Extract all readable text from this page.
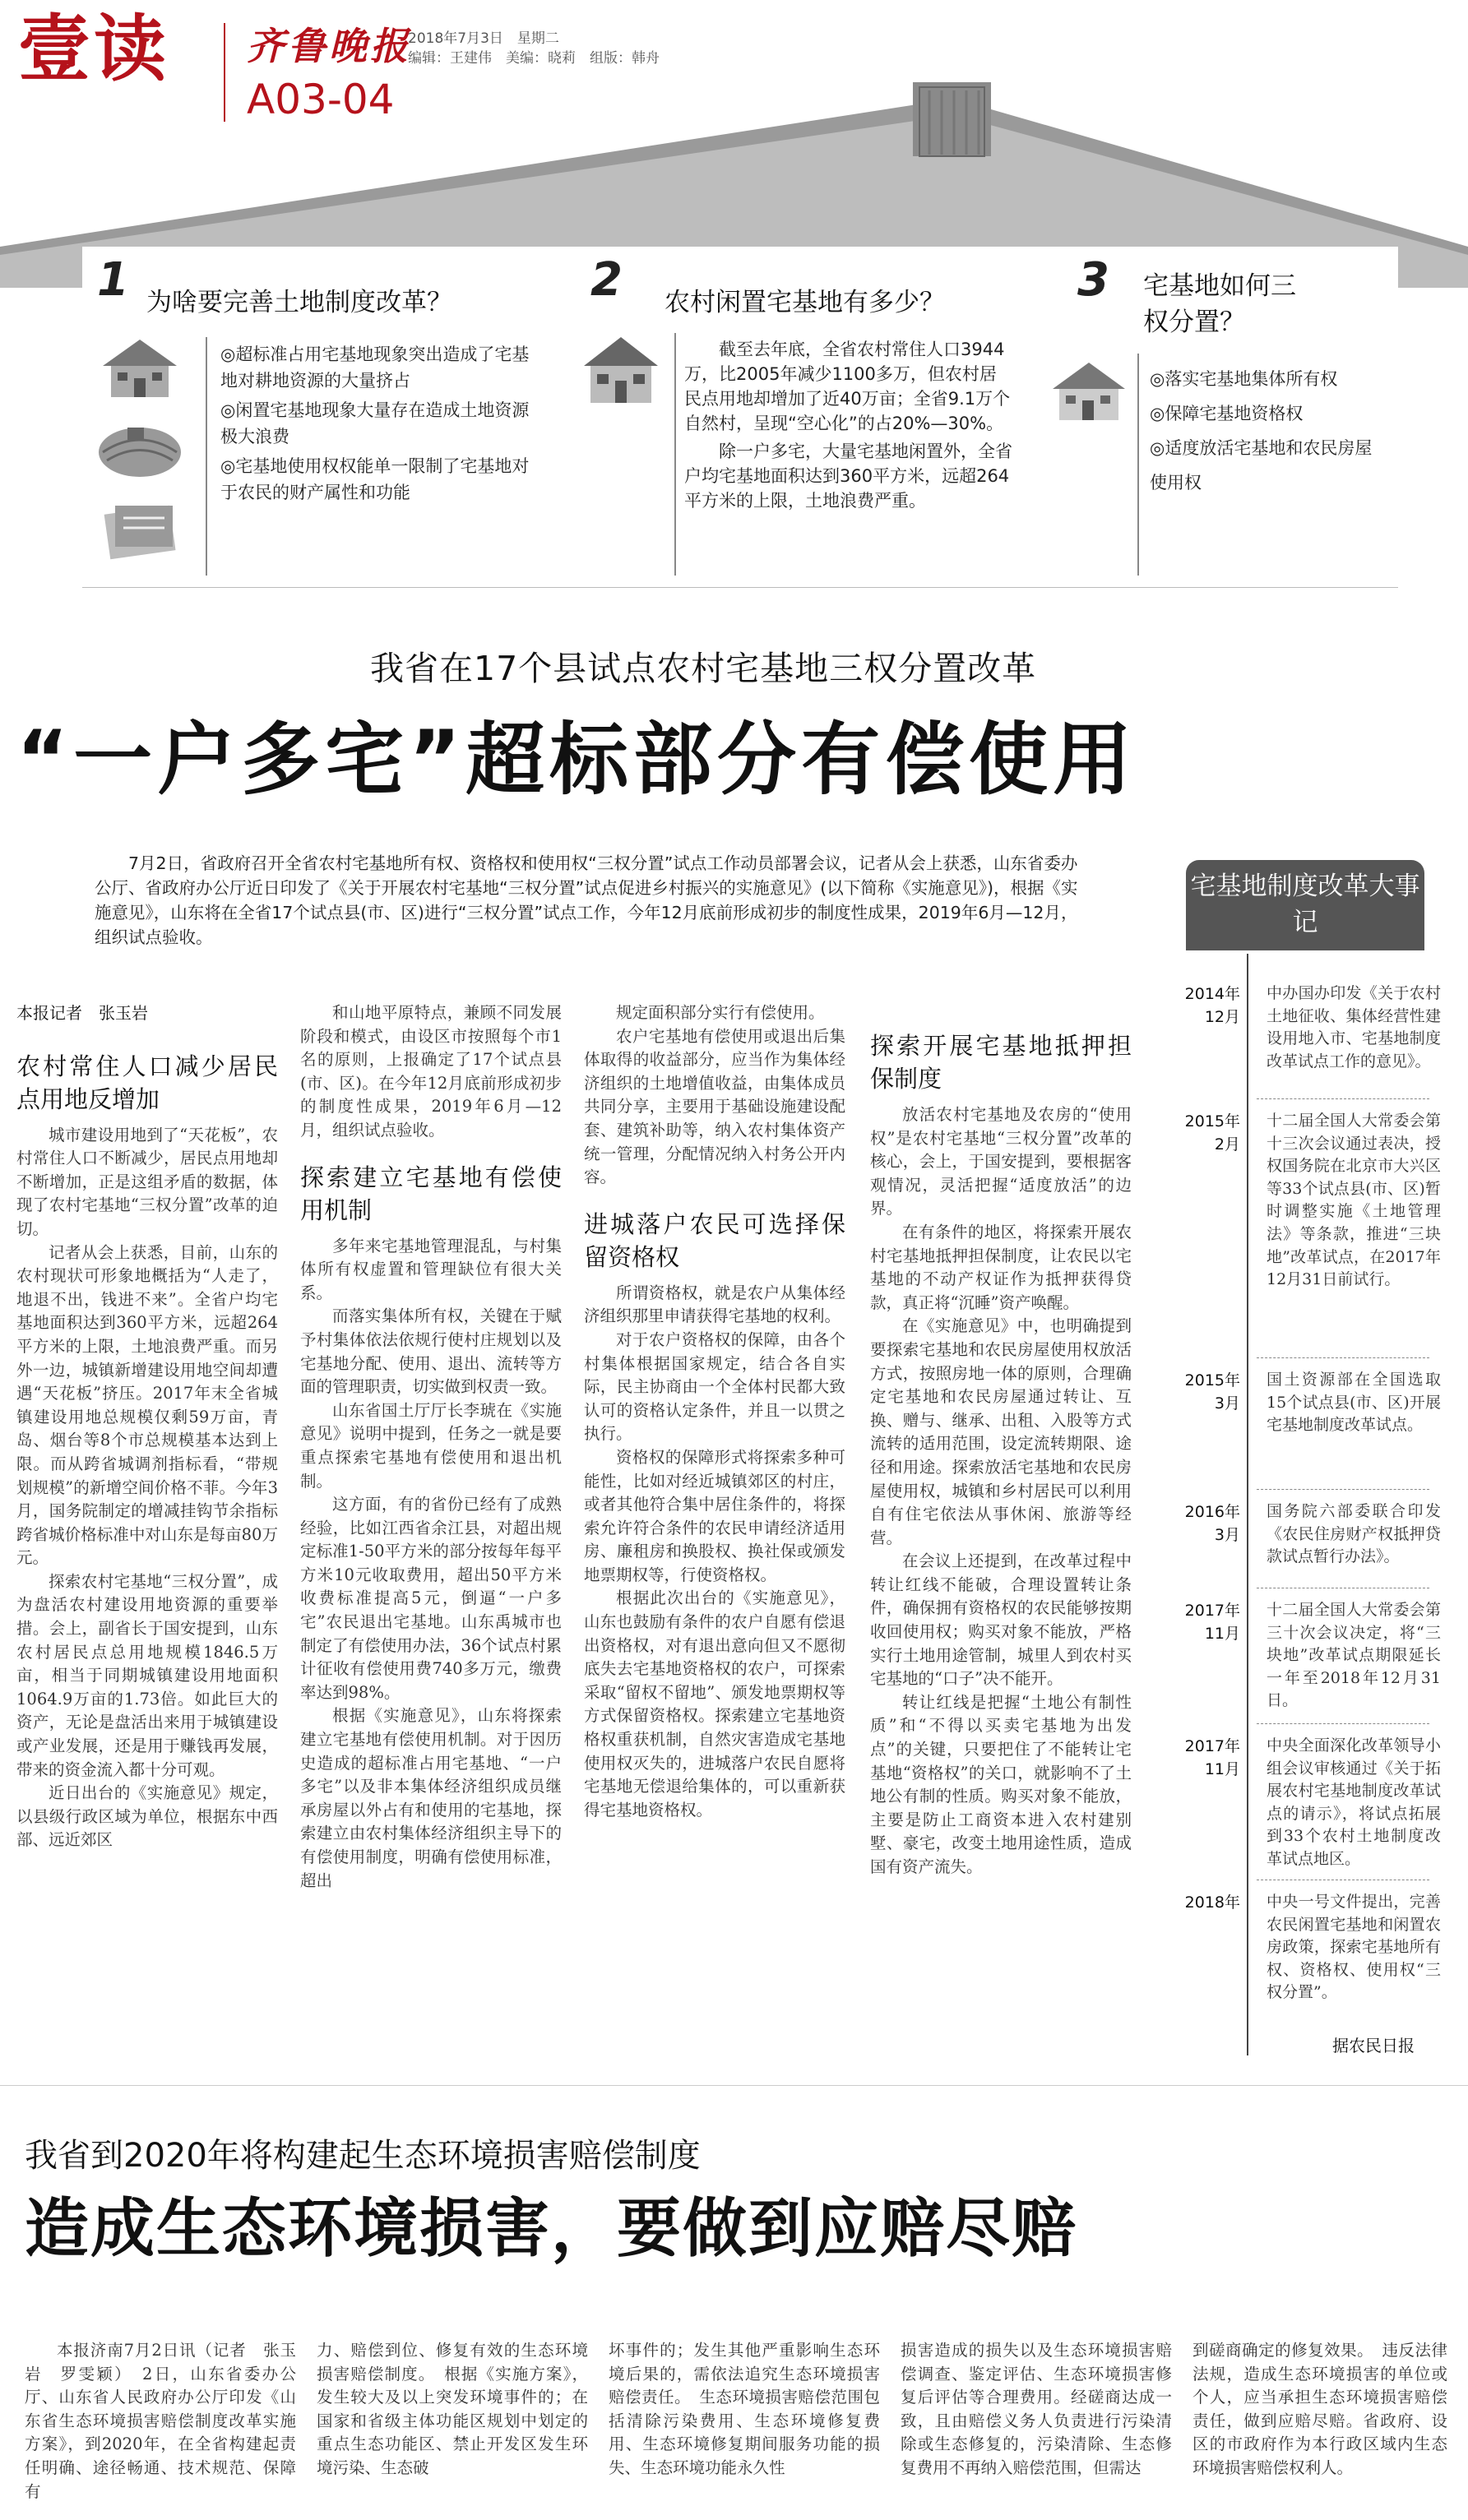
壹读 齐鲁晚报
A03-04
2018年7月3日　星期二
编辑：王建伟　美编：晓莉　组版：韩舟
1 为啥要完善土地制度改革？
◎超标准占用宅基地现象突出造成了宅基地对耕地资源的大量挤占
◎闲置宅基地现象大量存在造成土地资源极大浪费
◎宅基地使用权权能单一限制了宅基地对于农民的财产属性和功能
2 农村闲置宅基地有多少？

截至去年底，全省农村常住人口3944万，比2005年减少1100多万，但农村居民点用地却增加了近40万亩；全省9.1万个自然村，呈现“空心化”的占20%—30%。

除一户多宅，大量宅基地闲置外，全省户均宅基地面积达到360平方米，远超264平方米的上限，土地浪费严重。

3 宅基地如何三权分置？
◎落实宅基地集体所有权
◎保障宅基地资格权
◎适度放活宅基地和农民房屋使用权
我省在17个县试点农村宅基地三权分置改革
“一户多宅”超标部分有偿使用

7月2日，省政府召开全省农村宅基地所有权、资格权和使用权“三权分置”试点工作动员部署会议，记者从会上获悉，山东省委办公厅、省政府办公厅近日印发了《关于开展农村宅基地“三权分置”试点促进乡村振兴的实施意见》(以下简称《实施意见》)，根据《实施意见》，山东将在全省17个试点县(市、区)进行“三权分置”试点工作，今年12月底前形成初步的制度性成果，2019年6月—12月，组织试点验收。

本报记者　张玉岩

农村常住人口减少居民点用地反增加

城市建设用地到了“天花板”，农村常住人口不断减少，居民点用地却不断增加，正是这组矛盾的数据，体现了农村宅基地“三权分置”改革的迫切。

记者从会上获悉，目前，山东的农村现状可形象地概括为“人走了，地退不出，钱进不来”。全省户均宅基地面积达到360平方米，远超264平方米的上限，土地浪费严重。而另外一边，城镇新增建设用地空间却遭遇“天花板”挤压。2017年末全省城镇建设用地总规模仅剩59万亩，青岛、烟台等8个市总规模基本达到上限。而从跨省城调剂指标看，“带规划规模”的新增空间价格不菲。今年3月，国务院制定的增减挂钩节余指标跨省城价格标准中对山东是每亩80万元。

探索农村宅基地“三权分置”，成为盘活农村建设用地资源的重要举措。会上，副省长于国安提到，山东农村居民点总用地规模1846.5万亩，相当于同期城镇建设用地面积1064.9万亩的1.73倍。如此巨大的资产，无论是盘活出来用于城镇建设或产业发展，还是用于赚钱再发展，带来的资金流入都十分可观。

近日出台的《实施意见》规定，以县级行政区域为单位，根据东中西部、远近郊区

和山地平原特点，兼顾不同发展阶段和模式，由设区市按照每个市1名的原则，上报确定了17个试点县(市、区)。在今年12月底前形成初步的制度性成果，2019年6月—12月，组织试点验收。

探索建立宅基地有偿使用机制

多年来宅基地管理混乱，与村集体所有权虚置和管理缺位有很大关系。

而落实集体所有权，关键在于赋予村集体依法依规行使村庄规划以及宅基地分配、使用、退出、流转等方面的管理职责，切实做到权责一致。

山东省国土厅厅长李琥在《实施意见》说明中提到，任务之一就是要重点探索宅基地有偿使用和退出机制。

这方面，有的省份已经有了成熟经验，比如江西省余江县，对超出规定标准1-50平方米的部分按每年每平方米10元收取费用，超出50平方米收费标准提高5元，倒逼“一户多宅”农民退出宅基地。山东禹城市也制定了有偿使用办法，36个试点村累计征收有偿使用费740多万元，缴费率达到98%。

根据《实施意见》，山东将探索建立宅基地有偿使用机制。对于因历史造成的超标准占用宅基地、“一户多宅”以及非本集体经济组织成员继承房屋以外占有和使用的宅基地，探索建立由农村集体经济组织主导下的有偿使用制度，明确有偿使用标准，超出

规定面积部分实行有偿使用。

农户宅基地有偿使用或退出后集体取得的收益部分，应当作为集体经济组织的土地增值收益，由集体成员共同分享，主要用于基础设施建设配套、建筑补助等，纳入农村集体资产统一管理，分配情况纳入村务公开内容。

进城落户农民可选择保留资格权

所谓资格权，就是农户从集体经济组织那里申请获得宅基地的权利。

对于农户资格权的保障，由各个村集体根据国家规定，结合各自实际，民主协商由一个全体村民都大致认可的资格认定条件，并且一以贯之执行。

资格权的保障形式将探索多种可能性，比如对经近城镇郊区的村庄，或者其他符合集中居住条件的，将探索允许符合条件的农民申请经济适用房、廉租房和换股权、换社保或颁发地票期权等，行使资格权。

根据此次出台的《实施意见》，山东也鼓励有条件的农户自愿有偿退出资格权，对有退出意向但又不愿彻底失去宅基地资格权的农户，可探索采取“留权不留地”、颁发地票期权等方式保留资格权。探索建立宅基地资格权重获机制，自然灾害造成宅基地使用权灭失的，进城落户农民自愿将宅基地无偿退给集体的，可以重新获得宅基地资格权。

探索开展宅基地抵押担保制度

放活农村宅基地及农房的“使用权”是农村宅基地“三权分置”改革的核心，会上，于国安提到，要根据客观情况，灵活把握“适度放活”的边界。

在有条件的地区，将探索开展农村宅基地抵押担保制度，让农民以宅基地的不动产权证作为抵押获得贷款，真正将“沉睡”资产唤醒。

在《实施意见》中，也明确提到要探索宅基地和农民房屋使用权放活方式，按照房地一体的原则，合理确定宅基地和农民房屋通过转让、互换、赠与、继承、出租、入股等方式流转的适用范围，设定流转期限、途径和用途。探索放活宅基地和农民房屋使用权，城镇和乡村居民可以利用自有住宅依法从事休闲、旅游等经营。

在会议上还提到，在改革过程中转让红线不能破，合理设置转让条件，确保拥有资格权的农民能够按期收回使用权；购买对象不能放，严格实行土地用途管制，城里人到农村买宅基地的“口子”决不能开。

转让红线是把握“土地公有制性质”和“不得以买卖宅基地为出发点”的关键，只要把住了不能转让宅基地“资格权”的关口，就影响不了土地公有制的性质。购买对象不能放，主要是防止工商资本进入农村建别墅、豪宅，改变土地用途性质，造成国有资产流失。

宅基地制度改革大事记
2014年12月
中办国办印发《关于农村土地征收、集体经营性建设用地入市、宅基地制度改革试点工作的意见》。
2015年2月
十二届全国人大常委会第十三次会议通过表决，授权国务院在北京市大兴区等33个试点县(市、区)暂时调整实施《土地管理法》等条款，推进“三块地”改革试点，在2017年12月31日前试行。
2015年3月
国土资源部在全国选取15个试点县(市、区)开展宅基地制度改革试点。
2016年3月
国务院六部委联合印发《农民住房财产权抵押贷款试点暂行办法》。
2017年11月
十二届全国人大常委会第三十次会议决定，将“三块地”改革试点期限延长一年至2018年12月31日。
2017年11月
中央全面深化改革领导小组会议审核通过《关于拓展农村宅基地制度改革试点的请示》，将试点拓展到33个农村土地制度改革试点地区。
2018年 中央一号文件提出，完善农民闲置宅基地和闲置农房政策，探索宅基地所有权、资格权、使用权“三权分置”。
据农民日报
我省到2020年将构建起生态环境损害赔偿制度
造成生态环境损害，要做到应赔尽赔

本报济南7月2日讯（记者　张玉岩　罗雯颖）　2日，山东省委办公厅、山东省人民政府办公厅印发《山东省生态环境损害赔偿制度改革实施方案》，到2020年，在全省构建起责任明确、途径畅通、技术规范、保障有

力、赔偿到位、修复有效的生态环境损害赔偿制度。　根据《实施方案》，发生较大及以上突发环境事件的；在国家和省级主体功能区规划中划定的重点生态功能区、禁止开发区发生环境污染、生态破

坏事件的；发生其他严重影响生态环境后果的，需依法追究生态环境损害赔偿责任。　生态环境损害赔偿范围包括清除污染费用、生态环境修复费用、生态环境修复期间服务功能的损失、生态环境功能永久性

损害造成的损失以及生态环境损害赔偿调查、鉴定评估、生态环境损害修复后评估等合理费用。经磋商达成一致，且由赔偿义务人负责进行污染清除或生态修复的，污染清除、生态修复费用不再纳入赔偿范围，但需达

到磋商确定的修复效果。　违反法律法规，造成生态环境损害的单位或个人，应当承担生态环境损害赔偿责任，做到应赔尽赔。省政府、设区的市政府作为本行政区域内生态环境损害赔偿权利人。
